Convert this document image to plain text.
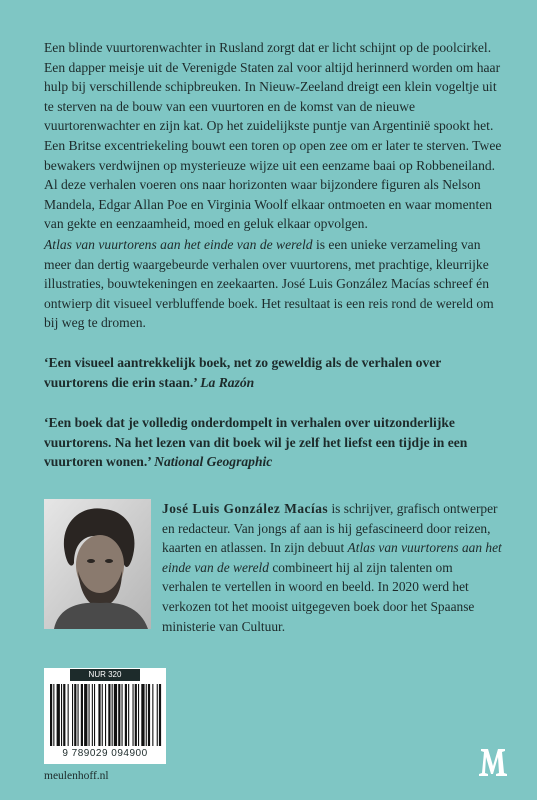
Een blinde vuurtorenwachter in Rusland zorgt dat er licht schijnt op de poolcirkel. Een dapper meisje uit de Verenigde Staten zal voor altijd herinnerd worden om haar hulp bij verschillende schipbreuken. In Nieuw-Zeeland dreigt een klein vogeltje uit te sterven na de bouw van een vuurtoren en de komst van de nieuwe vuurtorenwachter en zijn kat. Op het zuidelijkste puntje van Argentinië spookt het. Een Britse excentriekeling bouwt een toren op open zee om er later te sterven. Twee bewakers verdwijnen op mysterieuze wijze uit een eenzame baai op Robbeneiland. Al deze verhalen voeren ons naar horizonten waar bijzondere figuren als Nelson Mandela, Edgar Allan Poe en Virginia Woolf elkaar ontmoeten en waar momenten van gekte en eenzaamheid, moed en geluk elkaar opvolgen.

Atlas van vuurtorens aan het einde van de wereld is een unieke verzameling van meer dan dertig waargebeurde verhalen over vuurtorens, met prachtige, kleurrijke illustraties, bouwtekeningen en zeekaarten. José Luis González Macías schreef én ontwierp dit visueel verbluffende boek. Het resultaat is een reis rond de wereld om bij weg te dromen.

‘Een visueel aantrekkelijk boek, net zo geweldig als de verhalen over vuurtorens die erin staan.’ La Razón

‘Een boek dat je volledig onderdompelt in verhalen over uitzonderlijke vuurtorens. Na het lezen van dit boek wil je zelf het liefst een tijdje in een vuurtoren wonen.’ National Geographic

José Luis González Macías is schrijver, grafisch ontwerper en redacteur. Van jongs af aan is hij gefascineerd door reizen, kaarten en atlassen. In zijn debuut Atlas van vuurtorens aan het einde van de wereld combineert hij al zijn talenten om verhalen te vertellen in woord en beeld. In 2020 werd het verkozen tot het mooist uitgegeven boek door het Spaanse ministerie van Cultuur.

NUR 320
9 789029 094900
meulenhoff.nl
